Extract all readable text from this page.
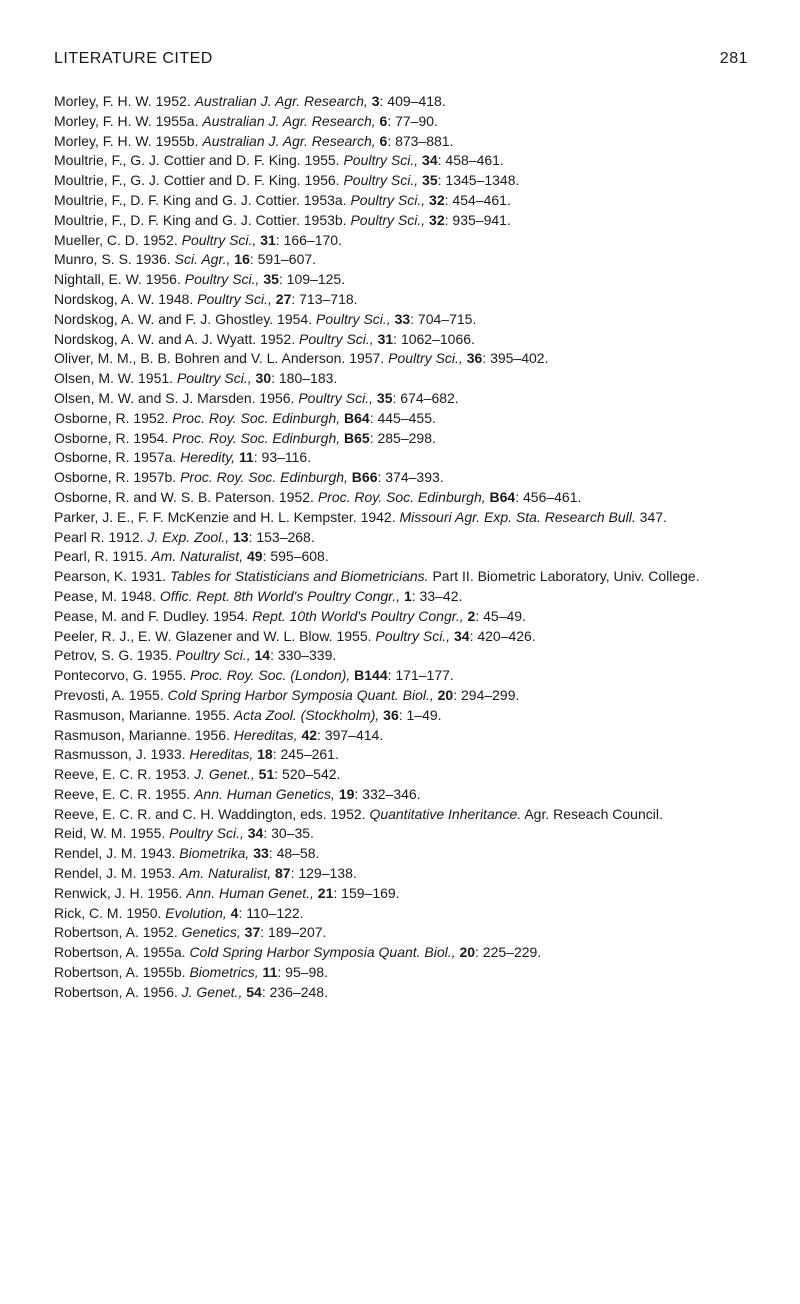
LITERATURE CITED	281
Morley, F. H. W. 1952. Australian J. Agr. Research, 3: 409–418.
Morley, F. H. W. 1955a. Australian J. Agr. Research, 6: 77–90.
Morley, F. H. W. 1955b. Australian J. Agr. Research, 6: 873–881.
Moultrie, F., G. J. Cottier and D. F. King. 1955. Poultry Sci., 34: 458–461.
Moultrie, F., G. J. Cottier and D. F. King. 1956. Poultry Sci., 35: 1345–1348.
Moultrie, F., D. F. King and G. J. Cottier. 1953a. Poultry Sci., 32: 454–461.
Moultrie, F., D. F. King and G. J. Cottier. 1953b. Poultry Sci., 32: 935–941.
Mueller, C. D. 1952. Poultry Sci., 31: 166–170.
Munro, S. S. 1936. Sci. Agr., 16: 591–607.
Nightall, E. W. 1956. Poultry Sci., 35: 109–125.
Nordskog, A. W. 1948. Poultry Sci., 27: 713–718.
Nordskog, A. W. and F. J. Ghostley. 1954. Poultry Sci., 33: 704–715.
Nordskog, A. W. and A. J. Wyatt. 1952. Poultry Sci., 31: 1062–1066.
Oliver, M. M., B. B. Bohren and V. L. Anderson. 1957. Poultry Sci., 36: 395–402.
Olsen, M. W. 1951. Poultry Sci., 30: 180–183.
Olsen, M. W. and S. J. Marsden. 1956. Poultry Sci., 35: 674–682.
Osborne, R. 1952. Proc. Roy. Soc. Edinburgh, B64: 445–455.
Osborne, R. 1954. Proc. Roy. Soc. Edinburgh, B65: 285–298.
Osborne, R. 1957a. Heredity, 11: 93–116.
Osborne, R. 1957b. Proc. Roy. Soc. Edinburgh, B66: 374–393.
Osborne, R. and W. S. B. Paterson. 1952. Proc. Roy. Soc. Edinburgh, B64: 456–461.
Parker, J. E., F. F. McKenzie and H. L. Kempster. 1942. Missouri Agr. Exp. Sta. Research Bull. 347.
Pearl R. 1912. J. Exp. Zool., 13: 153–268.
Pearl, R. 1915. Am. Naturalist, 49: 595–608.
Pearson, K. 1931. Tables for Statisticians and Biometricians. Part II. Biometric Laboratory, Univ. College.
Pease, M. 1948. Offic. Rept. 8th World's Poultry Congr., 1: 33–42.
Pease, M. and F. Dudley. 1954. Rept. 10th World's Poultry Congr., 2: 45–49.
Peeler, R. J., E. W. Glazener and W. L. Blow. 1955. Poultry Sci., 34: 420–426.
Petrov, S. G. 1935. Poultry Sci., 14: 330–339.
Pontecorvo, G. 1955. Proc. Roy. Soc. (London), B144: 171–177.
Prevosti, A. 1955. Cold Spring Harbor Symposia Quant. Biol., 20: 294–299.
Rasmuson, Marianne. 1955. Acta Zool. (Stockholm), 36: 1–49.
Rasmuson, Marianne. 1956. Hereditas, 42: 397–414.
Rasmusson, J. 1933. Hereditas, 18: 245–261.
Reeve, E. C. R. 1953. J. Genet., 51: 520–542.
Reeve, E. C. R. 1955. Ann. Human Genetics, 19: 332–346.
Reeve, E. C. R. and C. H. Waddington, eds. 1952. Quantitative Inheritance. Agr. Reseach Council.
Reid, W. M. 1955. Poultry Sci., 34: 30–35.
Rendel, J. M. 1943. Biometrika, 33: 48–58.
Rendel, J. M. 1953. Am. Naturalist, 87: 129–138.
Renwick, J. H. 1956. Ann. Human Genet., 21: 159–169.
Rick, C. M. 1950. Evolution, 4: 110–122.
Robertson, A. 1952. Genetics, 37: 189–207.
Robertson, A. 1955a. Cold Spring Harbor Symposia Quant. Biol., 20: 225–229.
Robertson, A. 1955b. Biometrics, 11: 95–98.
Robertson, A. 1956. J. Genet., 54: 236–248.
